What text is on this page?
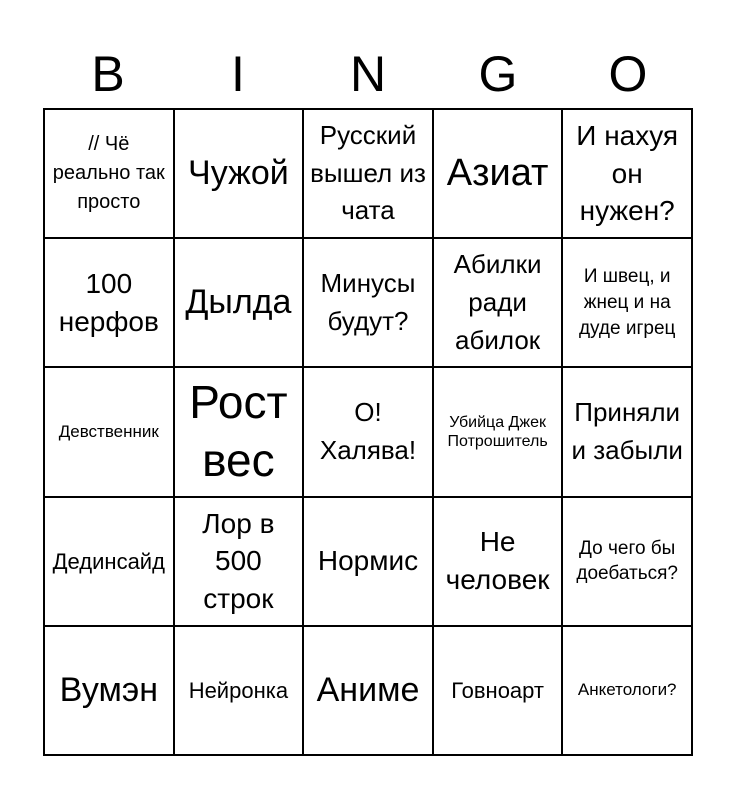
B	I	N	G	O
// Чё реально так просто
Чужой
Русский вышел из чата
Азиат
И нахуя он нужен?
100 нерфов
Дылда
Минусы будут?
Абилки ради абилок
И швец, и жнец и на дуде игрец
Девственник
Рост вес
О! Халява!
Убийца Джек Потрошитель
Приняли и забыли
Дединсайд
Лор в 500 строк
Нормис
Не человек
До чего бы доебаться?
Вумэн Нейронка Аниме Говноарт Анкетологи?
